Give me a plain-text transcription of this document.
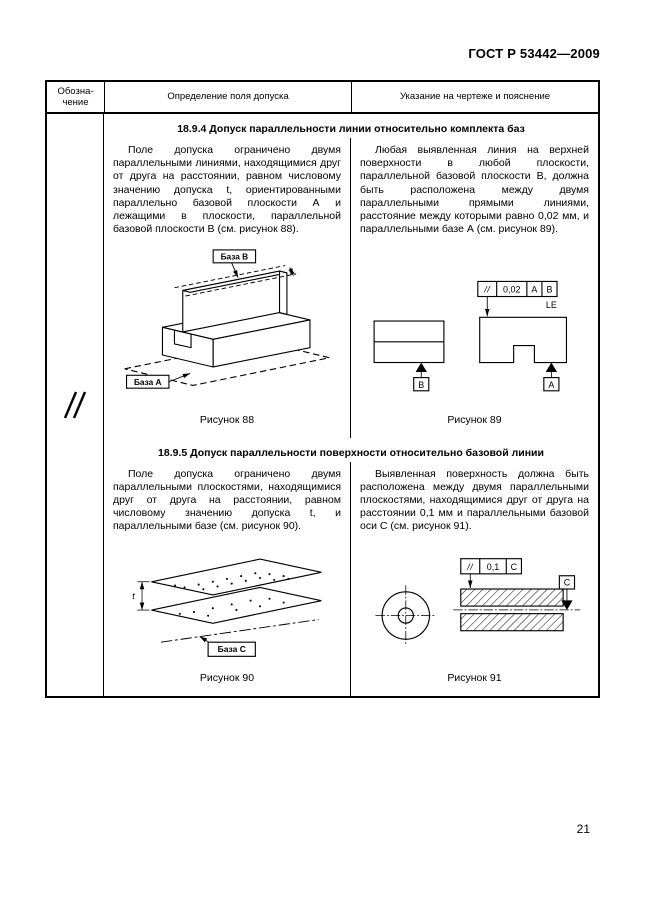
ГОСТ Р 53442—2009
Обозна-
чение
Определение поля допуска	Указание на чертеже и пояснение
18.9.4 Допуск параллельности линии относительно комплекта баз

Поле допуска ограничено двумя параллельными линиями, находящимися друг от друга на расстоянии, равном числовому значению допуска t, ориентированными параллельно базовой плоскости А и лежащими в плоскости, параллельной базовой плоскости В (см. рисунок 88).

База В
База А
Рисунок 88

Любая выявленная линия на верхней поверхности в любой плоскости, параллельной базовой плоскости В, должна быть расположена между двумя параллельными прямыми линиями, расстояние между которыми равно 0,02 мм, и параллельными базе А (см. рисунок 89).

// 0,02 A B
LE
B	A
Рисунок 89
18.9.5 Допуск параллельности поверхности относительно базовой линии

Поле допуска ограничено двумя параллельными плоскостями, находящимися друг от друга на расстоянии, равном числовому значению допуска t, и параллельными базе (см. рисунок 90).

t
База С
Рисунок 90

Выявленная поверхность должна быть расположена между двумя параллельными плоскостями, находящимися друг от друга на расстоянии 0,1 мм и параллельными базовой оси С (см. рисунок 91).

// 0,1 C
C
Рисунок 91
21
